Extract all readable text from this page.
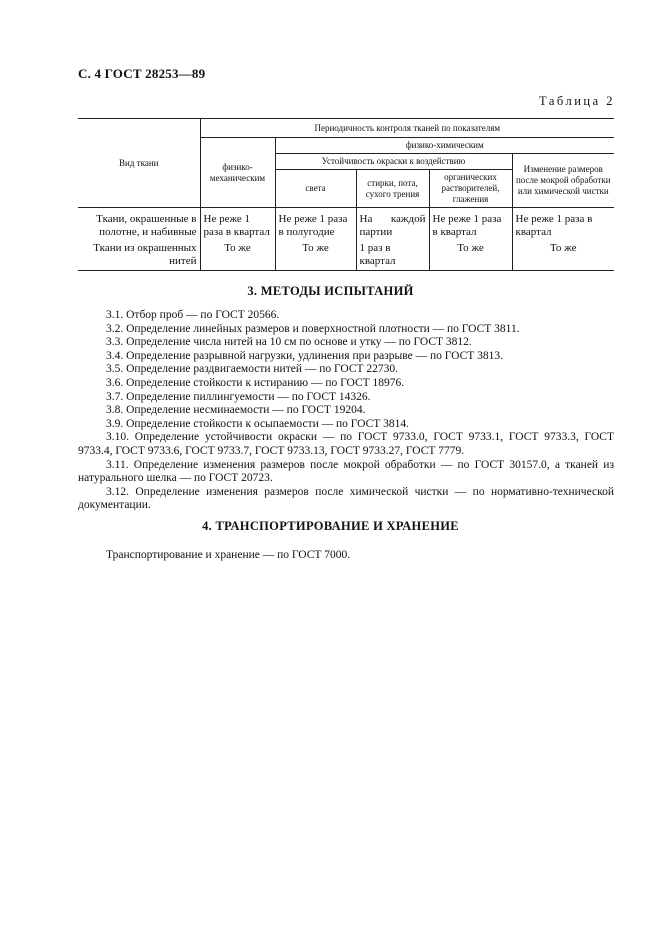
С. 4 ГОСТ 28253—89
Таблица 2
Вид ткани	Периодичность контроля тканей по показателям				
	физико-механическим	физико-химическим			
		Устойчивость окраски к воздействию			Изменение размеров после мокрой обработки или химической чистки
		света	стирки, пота, сухого трения	органических растворителей, глажения	
Ткани, окрашенные в полотне, и набивные	Не реже 1 раза в квартал	Не реже 1 раза в полугодие	На каждой партии	Не реже 1 раза в квартал	Не реже 1 раза в квартал
Ткани из окрашенных нитей	То же	То же	1 раз в квартал	То же	То же
3. МЕТОДЫ ИСПЫТАНИЙ

3.1. Отбор проб — по ГОСТ 20566.

3.2. Определение линейных размеров и поверхностной плотности — по ГОСТ 3811.

3.3. Определение числа нитей на 10 см по основе и утку — по ГОСТ 3812.

3.4. Определение разрывной нагрузки, удлинения при разрыве — по ГОСТ 3813.

3.5. Определение раздвигаемости нитей — по ГОСТ 22730.

3.6. Определение стойкости к истиранию — по ГОСТ 18976.

3.7. Определение пиллингуемости — по ГОСТ 14326.

3.8. Определение несминаемости — по ГОСТ 19204.

3.9. Определение стойкости к осыпаемости — по ГОСТ 3814.

3.10. Определение устойчивости окраски — по ГОСТ 9733.0, ГОСТ 9733.1, ГОСТ 9733.3, ГОСТ 9733.4, ГОСТ 9733.6, ГОСТ 9733.7, ГОСТ 9733.13, ГОСТ 9733.27, ГОСТ 7779.

3.11. Определение изменения размеров после мокрой обработки — по ГОСТ 30157.0, а тканей из натурального шелка — по ГОСТ 20723.

3.12. Определение изменения размеров после химической чистки — по нормативно-технической документации.

4. ТРАНСПОРТИРОВАНИЕ И ХРАНЕНИЕ
Транспортирование и хранение — по ГОСТ 7000.
